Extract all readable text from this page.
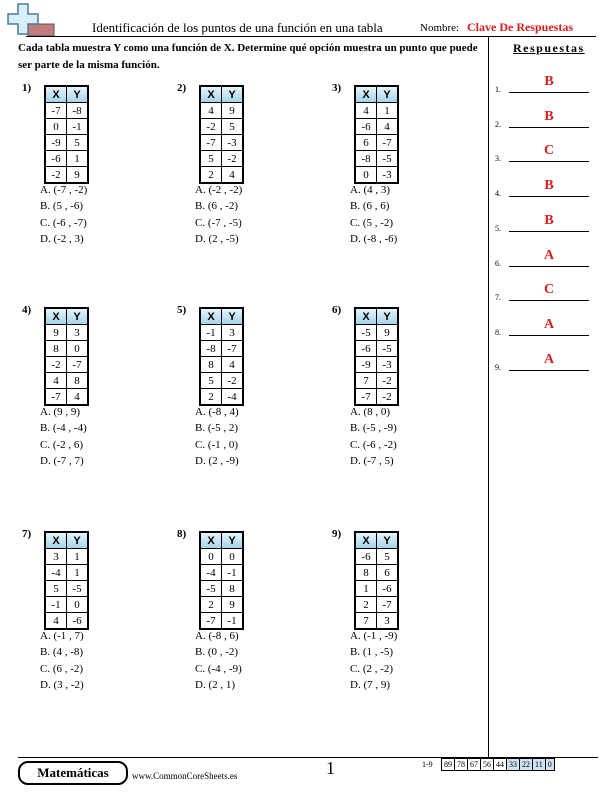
Identificación de los puntos de una función en una tabla	Nombre: Clave De Respuestas
Cada tabla muestra Y como una función de X. Determine qué opción muestra un punto que puede ser parte de la misma función.
Respuestas
1.
B
2.
B
3.
C
4.
B
5.
B
6.
A
7.
C
8.
A
9.
A
1)
X	Y
-7	-8
0	-1
-9	5
-6	1
-2	9
A. (-7 , -2)
B. (5 , -6)
C. (-6 , -7)
D. (-2 , 3)
2)
X	Y
4	9
-2	5
-7	-3
5	-2
2	4
A. (-2 , -2)
B. (6 , -2)
C. (-7 , -5)
D. (2 , -5)
3)
X	Y
4	1
-6	4
6	-7
-8	-5
0	-3
A. (4 , 3)
B. (6 , 6)
C. (5 , -2)
D. (-8 , -6)
4)
X	Y
9	3
8	0
-2	-7
4	8
-7	4
A. (9 , 9)
B. (-4 , -4)
C. (-2 , 6)
D. (-7 , 7)
5)
X	Y
-1	3
-8	-7
8	4
5	-2
2	-4
A. (-8 , 4)
B. (-5 , 2)
C. (-1 , 0)
D. (2 , -9)
6)
X	Y
-5	9
-6	-5
-9	-3
7	-2
-7	-2
A. (8 , 0)
B. (-5 , -9)
C. (-6 , -2)
D. (-7 , 5)
7)
X	Y
3	1
-4	1
5	-5
-1	0
4	-6
A. (-1 , 7)
B. (4 , -8)
C. (6 , -2)
D. (3 , -2)
8)
X	Y
0	0
-4	-1
-5	8
2	9
-7	-1
A. (-8 , 6)
B. (0 , -2)
C. (-4 , -9)
D. (2 , 1)
9)
X	Y
-6	5
8	6
1	-6
2	-7
7	3
A. (-1 , -9)
B. (1 , -5)
C. (2 , -2)
D. (7 , 9)
Matemáticas	www.CommonCoreSheets.es	1	1-9 89	78	67	56	44	33	22	11	0
